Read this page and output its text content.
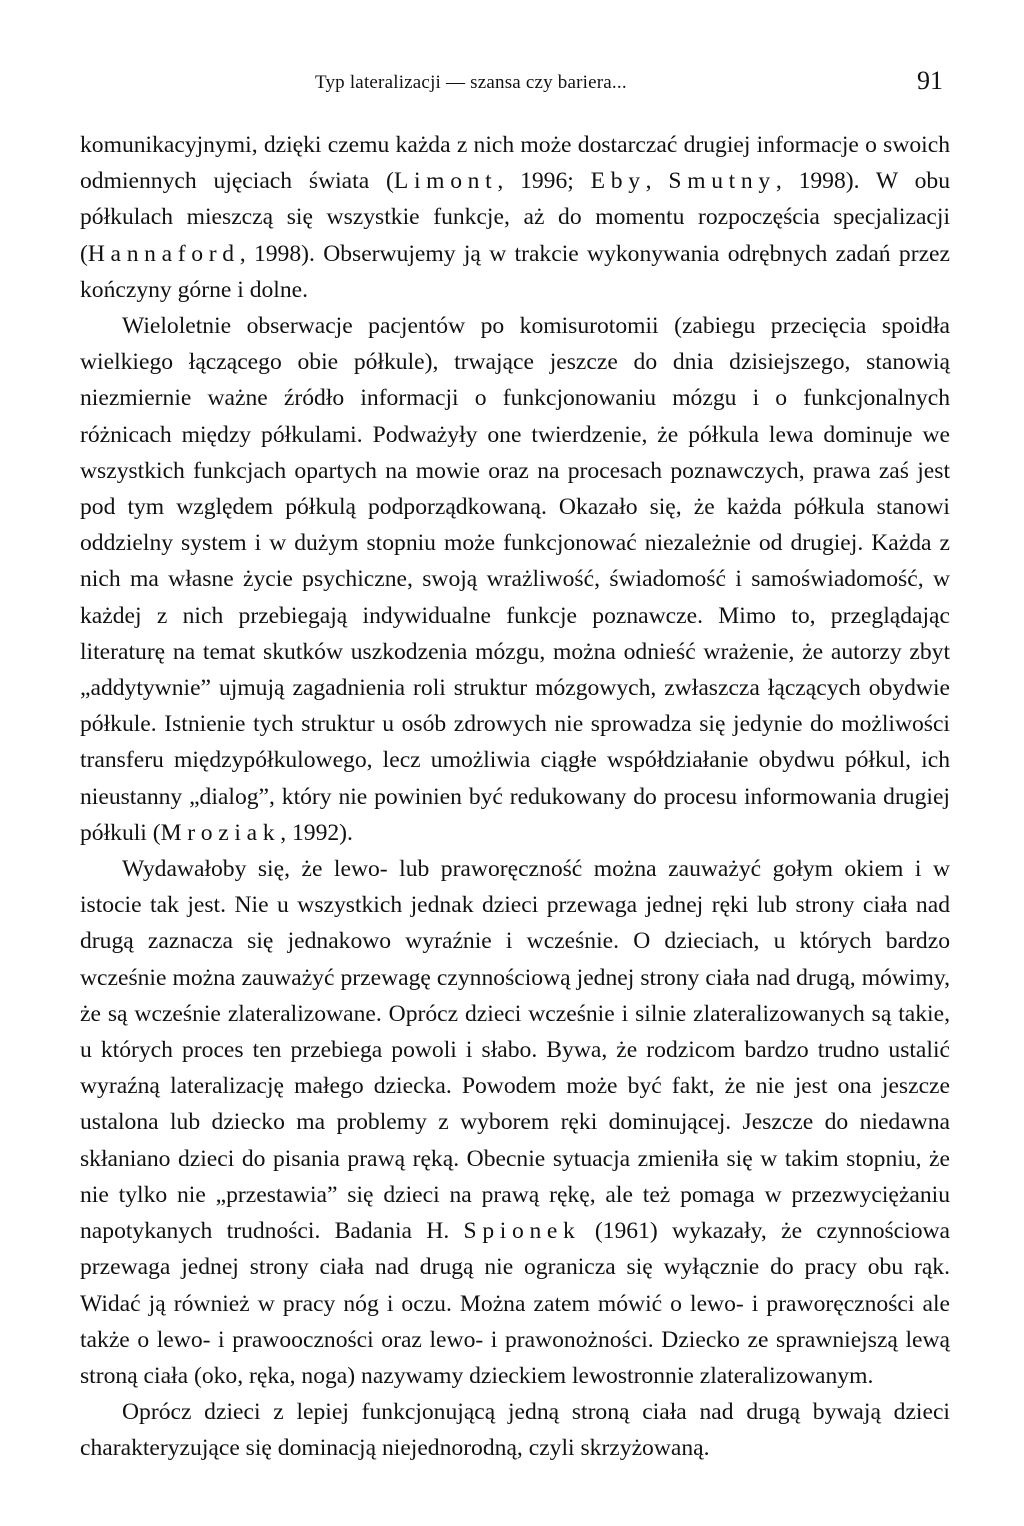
Typ lateralizacji — szansa czy bariera...	91

komunikacyjnymi, dzięki czemu każda z nich może dostarczać drugiej informacje o swoich odmiennych ujęciach świata (Limont, 1996; Eby, Smutny, 1998). W obu półkulach mieszczą się wszystkie funkcje, aż do momentu rozpoczęścia specjalizacji (Hannaford, 1998). Obserwujemy ją w trakcie wykonywania odrębnych zadań przez kończyny górne i dolne.

Wieloletnie obserwacje pacjentów po komisurotomii (zabiegu przecięcia spoidła wielkiego łączącego obie półkule), trwające jeszcze do dnia dzisiejszego, stanowią niezmiernie ważne źródło informacji o funkcjonowaniu mózgu i o funkcjonalnych różnicach między półkulami. Podważyły one twierdzenie, że półkula lewa dominuje we wszystkich funkcjach opartych na mowie oraz na procesach poznawczych, prawa zaś jest pod tym względem półkulą podporządkowaną. Okazało się, że każda półkula stanowi oddzielny system i w dużym stopniu może funkcjonować niezależnie od drugiej. Każda z nich ma własne życie psychiczne, swoją wrażliwość, świadomość i samoświadomość, w każdej z nich przebiegają indywidualne funkcje poznawcze. Mimo to, przeglądając literaturę na temat skutków uszkodzenia mózgu, można odnieść wrażenie, że autorzy zbyt „addytywnie” ujmują zagadnienia roli struktur mózgowych, zwłaszcza łączących obydwie półkule. Istnienie tych struktur u osób zdrowych nie sprowadza się jedynie do możliwości transferu międzypółkulowego, lecz umożliwia ciągłe współdziałanie obydwu półkul, ich nieustanny „dialog”, który nie powinien być redukowany do procesu informowania drugiej półkuli (Mroziak, 1992).

Wydawałoby się, że lewo- lub praworęczność można zauważyć gołym okiem i w istocie tak jest. Nie u wszystkich jednak dzieci przewaga jednej ręki lub strony ciała nad drugą zaznacza się jednakowo wyraźnie i wcześnie. O dzieciach, u których bardzo wcześnie można zauważyć przewagę czynnościową jednej strony ciała nad drugą, mówimy, że są wcześnie zlateralizowane. Oprócz dzieci wcześnie i silnie zlateralizowanych są takie, u których proces ten przebiega powoli i słabo. Bywa, że rodzicom bardzo trudno ustalić wyraźną lateralizację małego dziecka. Powodem może być fakt, że nie jest ona jeszcze ustalona lub dziecko ma problemy z wyborem ręki dominującej. Jeszcze do niedawna skłaniano dzieci do pisania prawą ręką. Obecnie sytuacja zmieniła się w takim stopniu, że nie tylko nie „przestawia” się dzieci na prawą rękę, ale też pomaga w przezwyciężaniu napotykanych trudności. Badania H. Spionek (1961) wykazały, że czynnościowa przewaga jednej strony ciała nad drugą nie ogranicza się wyłącznie do pracy obu rąk. Widać ją również w pracy nóg i oczu. Można zatem mówić o lewo- i praworęczności ale także o lewo- i prawooczności oraz lewo- i prawonożności. Dziecko ze sprawniejszą lewą stroną ciała (oko, ręka, noga) nazywamy dzieckiem lewostronnie zlateralizowanym.

Oprócz dzieci z lepiej funkcjonującą jedną stroną ciała nad drugą bywają dzieci charakteryzujące się dominacją niejednorodną, czyli skrzyżowaną.
